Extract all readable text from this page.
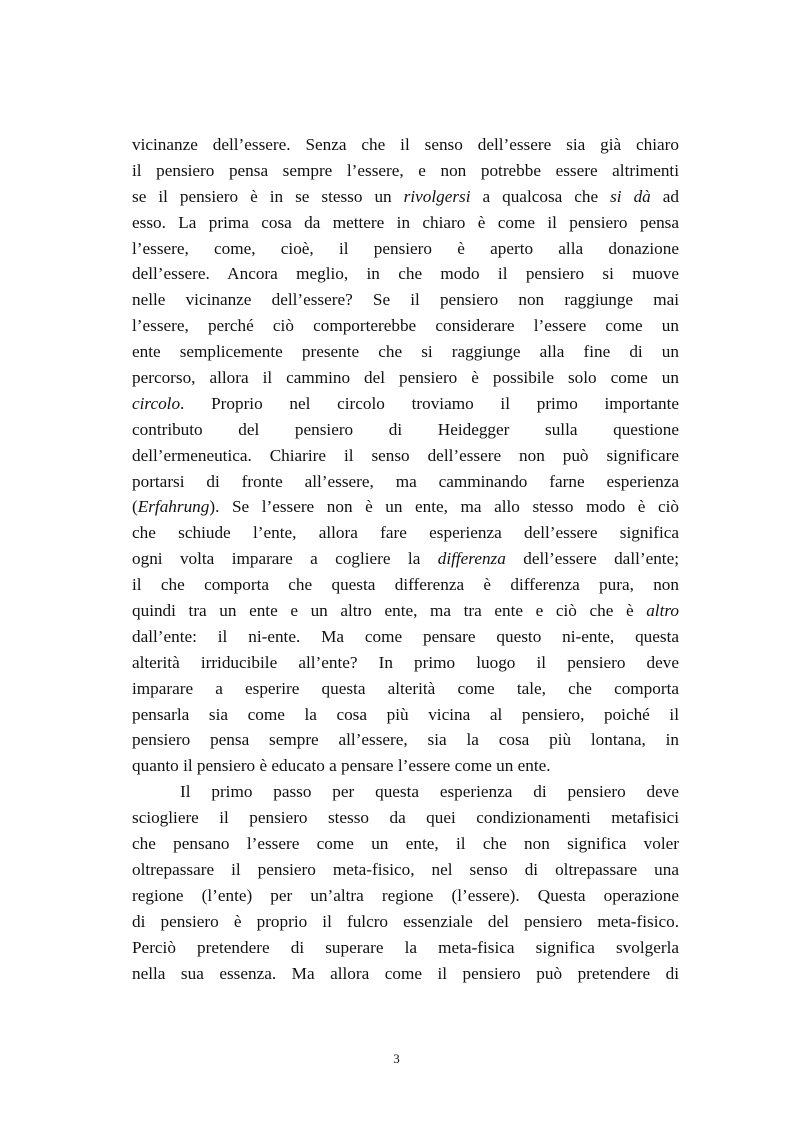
vicinanze dell’essere. Senza che il senso dell’essere sia già chiaro
il pensiero pensa sempre l’essere, e non potrebbe essere altrimenti
se il pensiero è in se stesso un rivolgersi a qualcosa che si dà ad
esso. La prima cosa da mettere in chiaro è come il pensiero pensa
l’essere, come, cioè, il pensiero è aperto alla donazione
dell’essere. Ancora meglio, in che modo il pensiero si muove
nelle vicinanze dell’essere? Se il pensiero non raggiunge mai
l’essere, perché ciò comporterebbe considerare l’essere come un
ente semplicemente presente che si raggiunge alla fine di un
percorso, allora il cammino del pensiero è possibile solo come un
circolo. Proprio nel circolo troviamo il primo importante
contributo del pensiero di Heidegger sulla questione
dell’ermeneutica. Chiarire il senso dell’essere non può significare
portarsi di fronte all’essere, ma camminando farne esperienza
(Erfahrung). Se l’essere non è un ente, ma allo stesso modo è ciò
che schiude l’ente, allora fare esperienza dell’essere significa
ogni volta imparare a cogliere la differenza dell’essere dall’ente;
il che comporta che questa differenza è differenza pura, non
quindi tra un ente e un altro ente, ma tra ente e ciò che è altro
dall’ente: il ni-ente. Ma come pensare questo ni-ente, questa
alterità irriducibile all’ente? In primo luogo il pensiero deve
imparare a esperire questa alterità come tale, che comporta
pensarla sia come la cosa più vicina al pensiero, poiché il
pensiero pensa sempre all’essere, sia la cosa più lontana, in
quanto il pensiero è educato a pensare l’essere come un ente.
Il primo passo per questa esperienza di pensiero deve
sciogliere il pensiero stesso da quei condizionamenti metafisici
che pensano l’essere come un ente, il che non significa voler
oltrepassare il pensiero meta-fisico, nel senso di oltrepassare una
regione (l’ente) per un’altra regione (l’essere). Questa operazione
di pensiero è proprio il fulcro essenziale del pensiero meta-fisico.
Perciò pretendere di superare la meta-fisica significa svolgerla
nella sua essenza. Ma allora come il pensiero può pretendere di
3
